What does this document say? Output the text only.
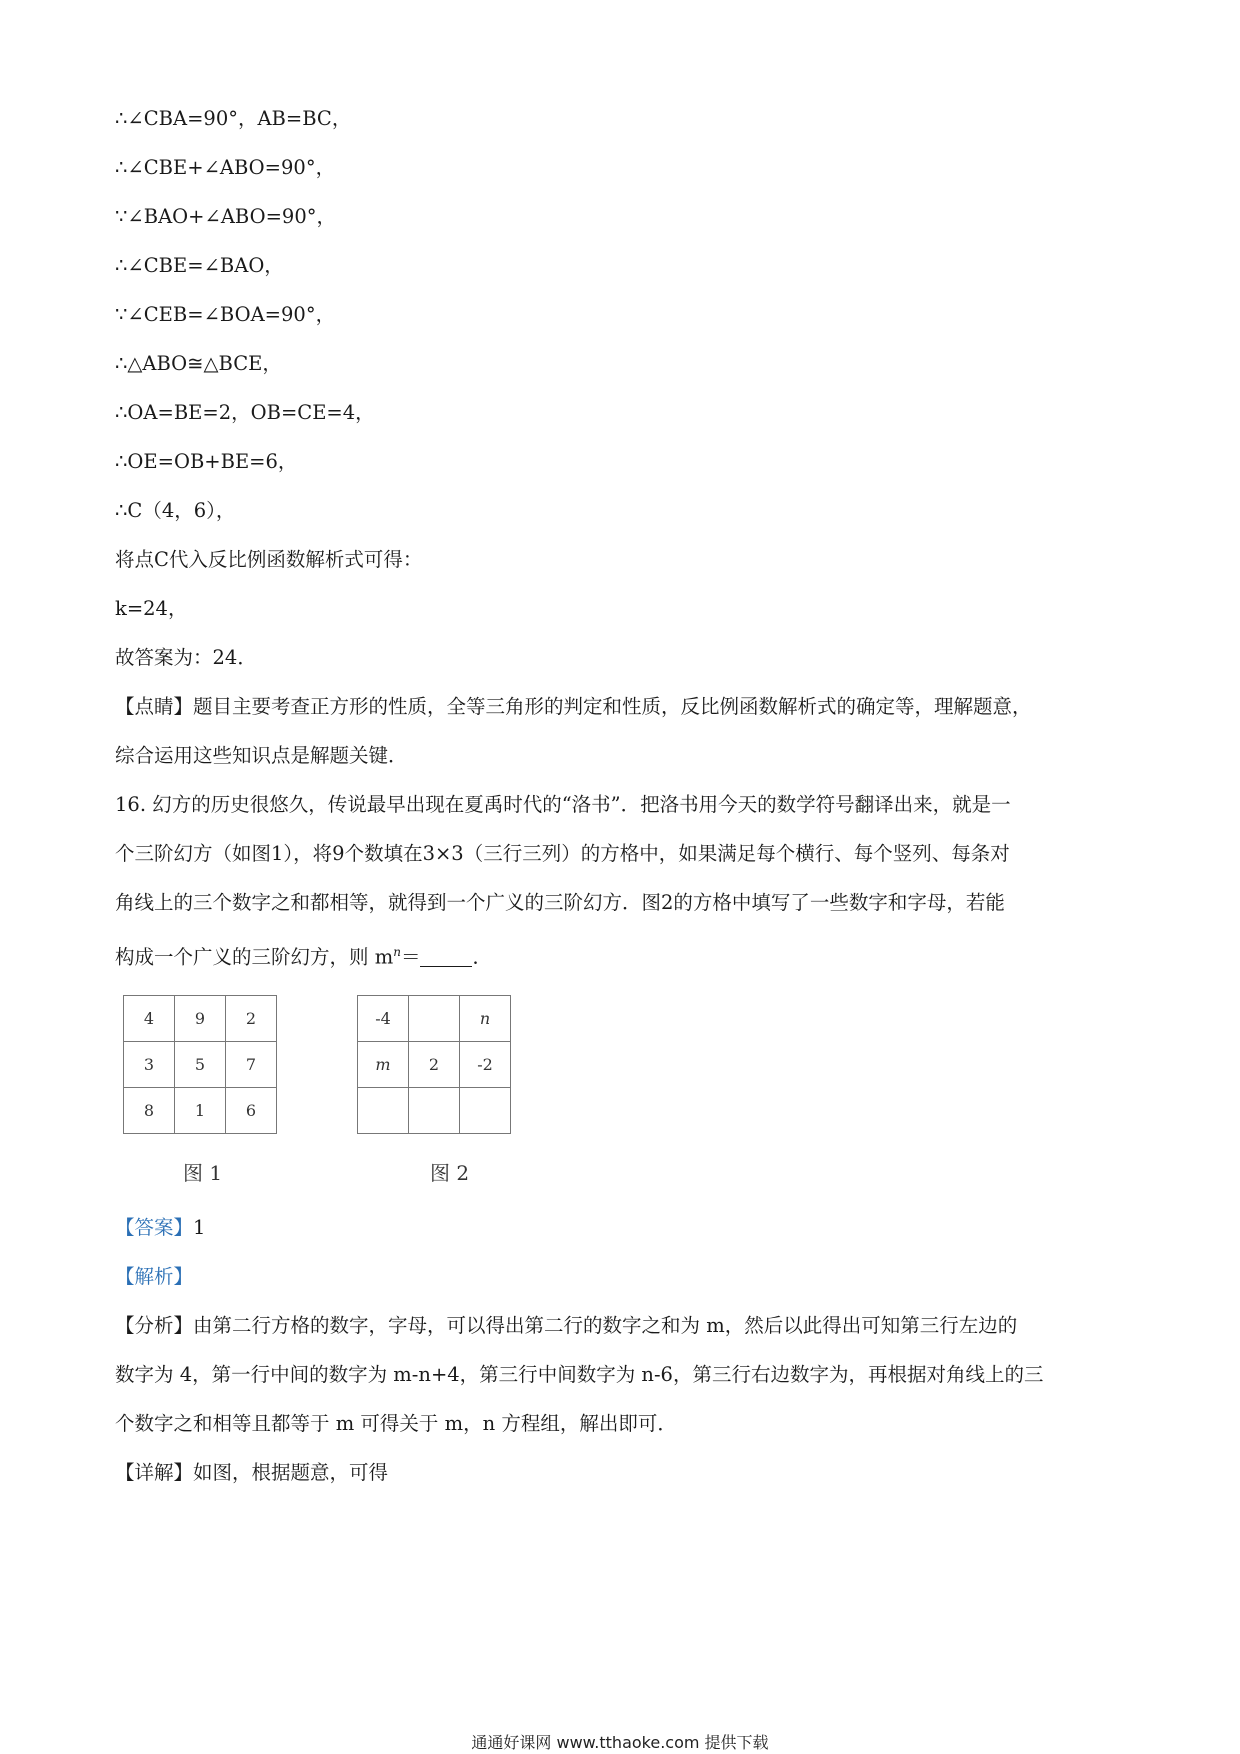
∴∠CBA=90°，AB=BC，
∴∠CBE+∠ABO=90°，
∵∠BAO+∠ABO=90°，
∴∠CBE=∠BAO，
∵∠CEB=∠BOA=90°，
∴△ABO≅△BCE，
∴OA=BE=2，OB=CE=4，
∴OE=OB+BE=6，
∴C（4，6），
将点C代入反比例函数解析式可得：
k=24，
故答案为：24．
【点睛】题目主要考查正方形的性质，全等三角形的判定和性质，反比例函数解析式的确定等，理解题意，
综合运用这些知识点是解题关键．
16. 幻方的历史很悠久，传说最早出现在夏禹时代的“洛书”．把洛书用今天的数学符号翻译出来，就是一
个三阶幻方（如图1），将9个数填在3×3（三行三列）的方格中，如果满足每个横行、每个竖列、每条对
角线上的三个数字之和都相等，就得到一个广义的三阶幻方．图2的方格中填写了一些数字和字母，若能
构成一个广义的三阶幻方，则 $m^n=$	．
4	9	2
3	5	7
8	1	6
图 1
-4		n
m	2	-2

图 2
【答案】1
【解析】
【分析】由第二行方格的数字，字母，可以得出第二行的数字之和为 m，然后以此得出可知第三行左边的
数字为 4，第一行中间的数字为 m-n+4，第三行中间数字为 n-6，第三行右边数字为，再根据对角线上的三
个数字之和相等且都等于 m 可得关于 m，n 方程组，解出即可．
【详解】如图，根据题意，可得
通通好课网 www.tthaoke.com 提供下载
